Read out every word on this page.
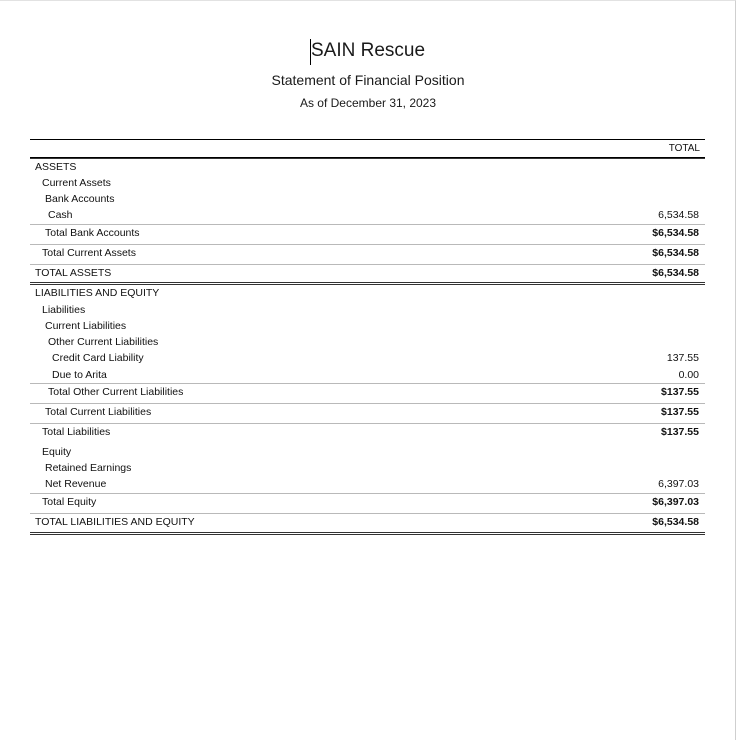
SAIN Rescue
Statement of Financial Position
As of December 31, 2023
TOTAL
ASSETS
Current Assets
Bank Accounts
Cash	6,534.58
Total Bank Accounts	$6,534.58
Total Current Assets	$6,534.58
TOTAL ASSETS	$6,534.58
LIABILITIES AND EQUITY
Liabilities
Current Liabilities
Other Current Liabilities
Credit Card Liability	137.55
Due to Arita	0.00
Total Other Current Liabilities	$137.55
Total Current Liabilities	$137.55
Total Liabilities	$137.55
Equity
Retained Earnings
Net Revenue	6,397.03
Total Equity	$6,397.03
TOTAL LIABILITIES AND EQUITY	$6,534.58
